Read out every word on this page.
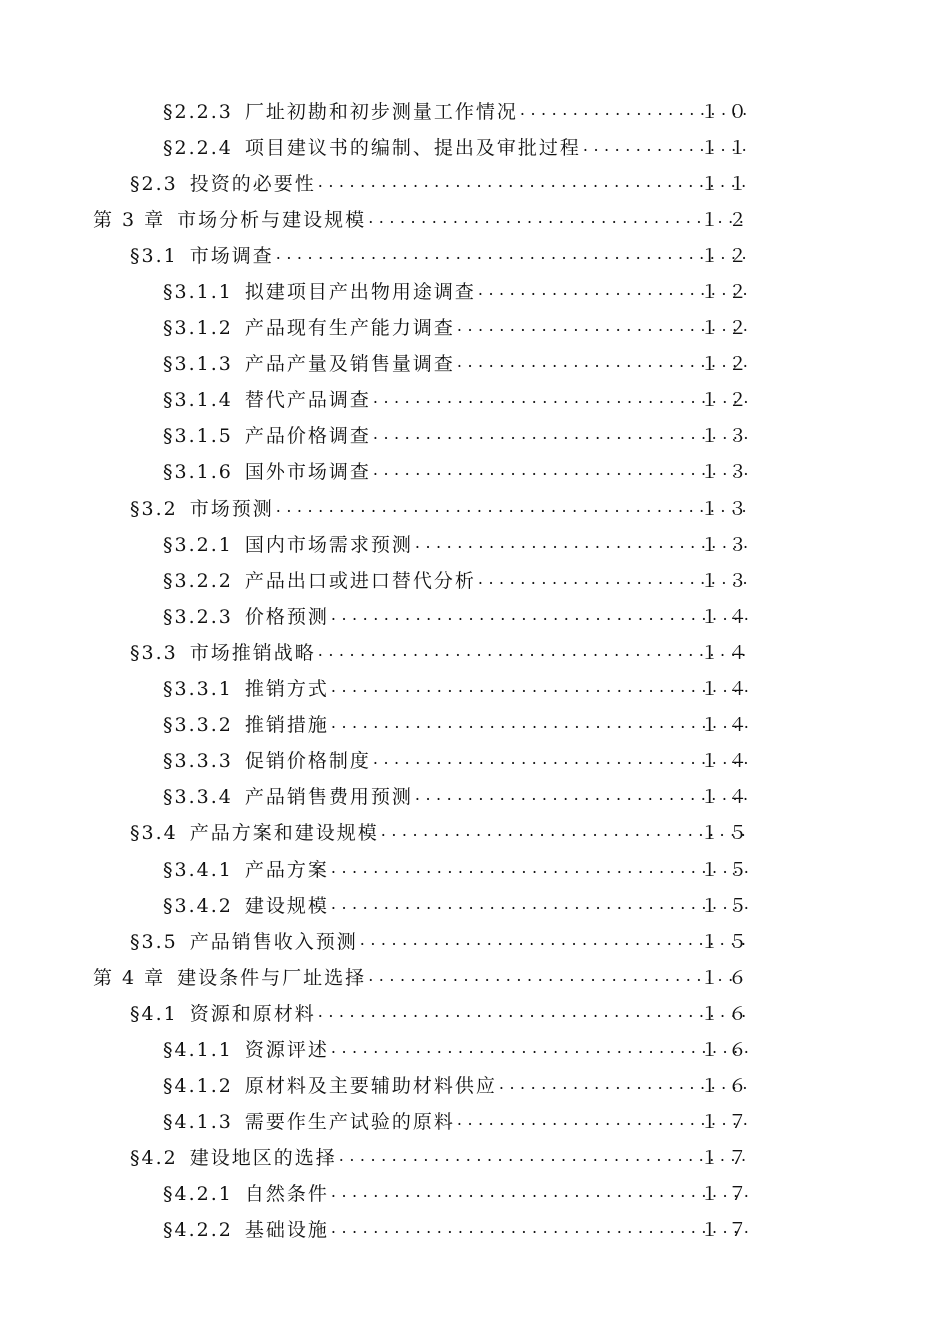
§2.2.3 厂址初勘和初步测量工作情况 .....	１０
§2.2.4 项目建议书的编制、提出及审批过程 .....	１１
§2.3 投资的必要性 .....	１１
第 3 章 市场分析与建设规模 .....	１２
§3.1 市场调查 .....	１２
§3.1.1 拟建项目产出物用途调查 .....	１２
§3.1.2 产品现有生产能力调查 .....	１２
§3.1.3 产品产量及销售量调查 .....	１２
§3.1.4 替代产品调查 .....	１２
§3.1.5 产品价格调查 .....	１３
§3.1.6 国外市场调查 .....	１３
§3.2 市场预测 .....	１３
§3.2.1 国内市场需求预测 .....	１３
§3.2.2 产品出口或进口替代分析 .....	１３
§3.2.3 价格预测 .....	１４
§3.3 市场推销战略 .....	１４
§3.3.1 推销方式 .....	１４
§3.3.2 推销措施 .....	１４
§3.3.3 促销价格制度 .....	１４
§3.3.4 产品销售费用预测 .....	１４
§3.4 产品方案和建设规模 .....	１５
§3.4.1 产品方案 .....	１５
§3.4.2 建设规模 .....	１５
§3.5 产品销售收入预测 .....	１５
第 4 章 建设条件与厂址选择 .....	１６
§4.1 资源和原材料 .....	１６
§4.1.1 资源评述 .....	１６
§4.1.2 原材料及主要辅助材料供应 .....	１６
§4.1.3 需要作生产试验的原料 .....	１７
§4.2 建设地区的选择 .....	１７
§4.2.1 自然条件 .....	１７
§4.2.2 基础设施 .....	１７
